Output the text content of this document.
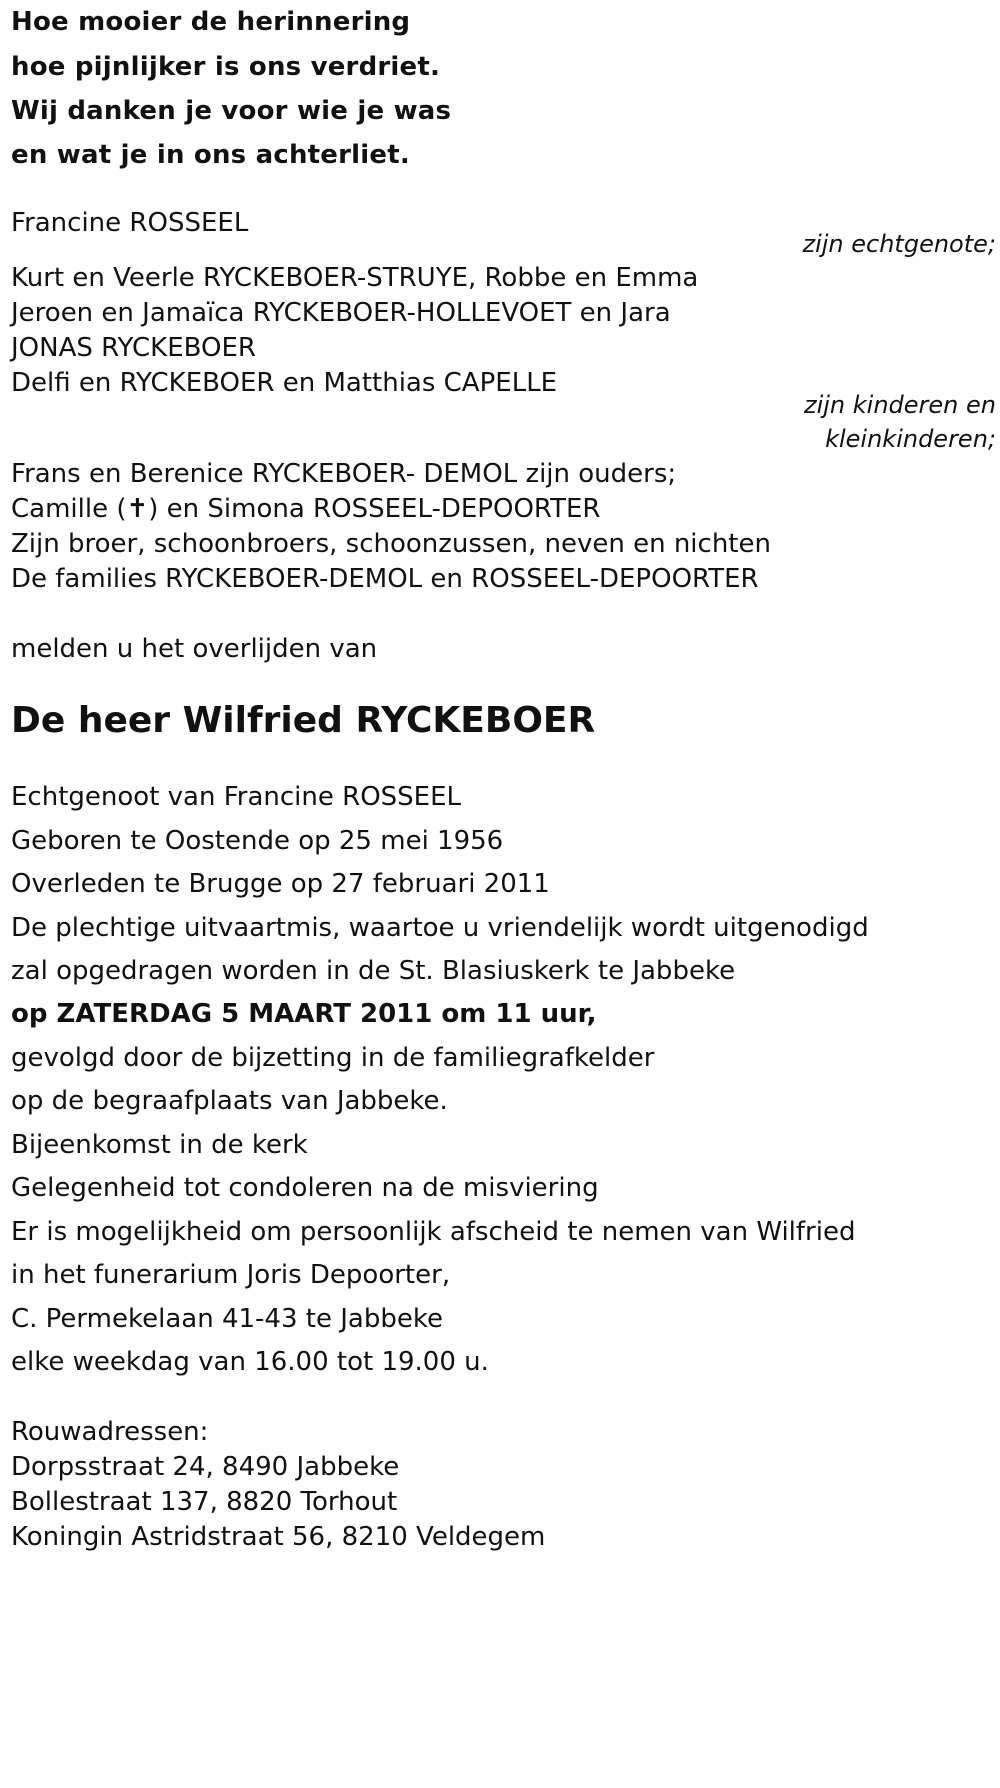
Hoe mooier de herinnering
hoe pijnlijker is ons verdriet.
Wij danken je voor wie je was
en wat je in ons achterliet.
Francine ROSSEEL
zijn echtgenote;
Kurt en Veerle RYCKEBOER-STRUYE, Robbe en Emma
Jeroen en Jamaïca RYCKEBOER-HOLLEVOET en Jara
JONAS RYCKEBOER
Delfi en RYCKEBOER en Matthias CAPELLE
zijn kinderen en
kleinkinderen;
Frans en Berenice RYCKEBOER- DEMOL zijn ouders;
Camille (✝) en Simona ROSSEEL-DEPOORTER
Zijn broer, schoonbroers, schoonzussen, neven en nichten
De families RYCKEBOER-DEMOL en ROSSEEL-DEPOORTER
melden u het overlijden van
De heer Wilfried RYCKEBOER
Echtgenoot van Francine ROSSEEL
Geboren te Oostende op 25 mei 1956
Overleden te Brugge op 27 februari 2011
De plechtige uitvaartmis, waartoe u vriendelijk wordt uitgenodigd
zal opgedragen worden in de St. Blasiuskerk te Jabbeke
op ZATERDAG 5 MAART 2011 om 11 uur,
gevolgd door de bijzetting in de familiegrafkelder
op de begraafplaats van Jabbeke.
Bijeenkomst in de kerk
Gelegenheid tot condoleren na de misviering
Er is mogelijkheid om persoonlijk afscheid te nemen van Wilfried
in het funerarium Joris Depoorter,
C. Permekelaan 41-43 te Jabbeke
elke weekdag van 16.00 tot 19.00 u.
Rouwadressen:
Dorpsstraat 24, 8490 Jabbeke
Bollestraat 137, 8820 Torhout
Koningin Astridstraat 56, 8210 Veldegem
